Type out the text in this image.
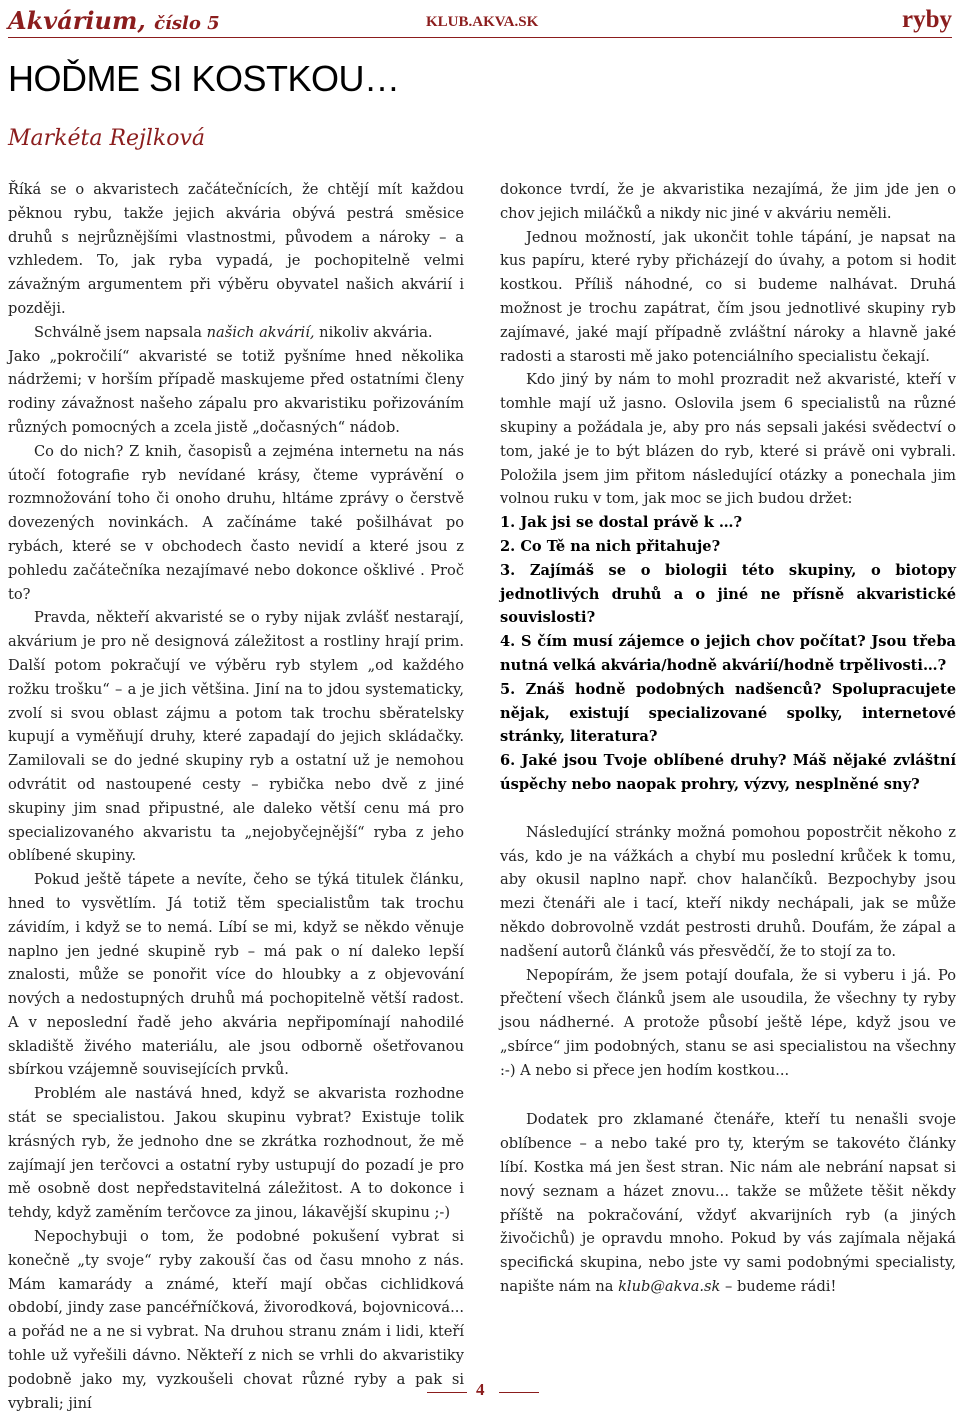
Akvárium, číslo 5	KLUB.AKVA.SK	ryby
HOĎME SI KOSTKOU…
Markéta Rejlková

Říká se o akvaristech začátečnících, že chtějí mít každou pěknou rybu, takže jejich akvária obývá pestrá směsice druhů s nejrůznějšími vlastnostmi, původem a nároky – a vzhledem. To, jak ryba vypadá, je pochopitelně velmi závažným argumentem při výběru obyvatel našich akvárií i později.

Schválně jsem napsala našich akvárií, nikoliv akvária.

Jako „pokročilí“ akvaristé se totiž pyšníme hned několika nádržemi; v horším případě maskujeme před ostatními členy rodiny závažnost našeho zápalu pro akvaristiku pořizováním různých pomocných a zcela jistě „dočasných“ nádob.

Co do nich? Z knih, časopisů a zejména internetu na nás útočí fotografie ryb nevídané krásy, čteme vyprávění o rozmnožování toho či onoho druhu, hltáme zprávy o čerstvě dovezených novinkách. A začínáme také pošilhávat po rybách, které se v obchodech často nevidí a které jsou z pohledu začátečníka nezajímavé nebo dokonce ošklivé . Proč to?

Pravda, někteří akvaristé se o ryby nijak zvlášť nestarají, akvárium je pro ně designová záležitost a rostliny hrají prim. Další potom pokračují ve výběru ryb stylem „od každého rožku trošku“ – a je jich většina. Jiní na to jdou systematicky, zvolí si svou oblast zájmu a potom tak trochu sběratelsky kupují a vyměňují druhy, které zapadají do jejich skládačky. Zamilovali se do jedné skupiny ryb a ostatní už je nemohou odvrátit od nastoupené cesty – rybička nebo dvě z jiné skupiny jim snad připustné, ale daleko větší cenu má pro specializovaného akvaristu ta „nejobyčejnější“ ryba z jeho oblíbené skupiny.

Pokud ještě tápete a nevíte, čeho se týká titulek článku, hned to vysvětlím. Já totiž těm specialistům tak trochu závidím, i když se to nemá. Líbí se mi, když se někdo věnuje naplno jen jedné skupině ryb – má pak o ní daleko lepší znalosti, může se ponořit více do hloubky a z objevování nových a nedostupných druhů má pochopitelně větší radost. A v neposlední řadě jeho akvária nepřipomínají nahodilé skladiště živého materiálu, ale jsou odborně ošetřovanou sbírkou vzájemně souvisejících prvků.

Problém ale nastává hned, když se akvarista rozhodne stát se specialistou. Jakou skupinu vybrat? Existuje tolik krásných ryb, že jednoho dne se zkrátka rozhodnout, že mě zajímají jen terčovci a ostatní ryby ustupují do pozadí je pro mě osobně dost nepředstavitelná záležitost. A to dokonce i tehdy, když zaměním terčovce za jinou, lákavější skupinu ;-)

Nepochybuji o tom, že podobné pokušení vybrat si konečně „ty svoje“ ryby zakouší čas od času mnoho z nás. Mám kamarády a známé, kteří mají občas cichlidková období, jindy zase pancéřníčková, živorodková, bojovnicová... a pořád ne a ne si vybrat. Na druhou stranu znám i lidi, kteří tohle už vyřešili dávno. Někteří z nich se vrhli do akvaristiky podobně jako my, vyzkoušeli chovat různé ryby a pak si vybrali; jiní

dokonce tvrdí, že je akvaristika nezajímá, že jim jde jen o chov jejich miláčků a nikdy nic jiné v akváriu neměli.

Jednou možností, jak ukončit tohle tápání, je napsat na kus papíru, které ryby přicházejí do úvahy, a potom si hodit kostkou. Příliš náhodné, co si budeme nalhávat. Druhá možnost je trochu zapátrat, čím jsou jednotlivé skupiny ryb zajímavé, jaké mají případně zvláštní nároky a hlavně jaké radosti a starosti mě jako potenciálního specialistu čekají.

Kdo jiný by nám to mohl prozradit než akvaristé, kteří v tomhle mají už jasno. Oslovila jsem 6 specialistů na různé skupiny a požádala je, aby pro nás sepsali jakési svědectví o tom, jaké je to být blázen do ryb, které si právě oni vybrali. Položila jsem jim přitom následující otázky a ponechala jim volnou ruku v tom, jak moc se jich budou držet:

1. Jak jsi se dostal právě k …?

2. Co Tě na nich přitahuje?

3. Zajímáš se o biologii této skupiny, o biotopy jednotlivých druhů a o jiné ne přísně akvaristické souvislosti?

4. S čím musí zájemce o jejich chov počítat? Jsou třeba nutná velká akvária/hodně akvárií/hodně trpělivosti…?

5. Znáš hodně podobných nadšenců? Spolupracujete nějak, existují specializované spolky, internetové stránky, literatura?

6. Jaké jsou Tvoje oblíbené druhy? Máš nějaké zvláštní úspěchy nebo naopak prohry, výzvy, nesplněné sny?

Následující stránky možná pomohou popostrčit někoho z vás, kdo je na vážkách a chybí mu poslední krůček k tomu, aby okusil naplno např. chov halančíků. Bezpochyby jsou mezi čtenáři ale i tací, kteří nikdy nechápali, jak se může někdo dobrovolně vzdát pestrosti druhů. Doufám, že zápal a nadšení autorů článků vás přesvědčí, že to stojí za to.

Nepopírám, že jsem potají doufala, že si vyberu i já. Po přečtení všech článků jsem ale usoudila, že všechny ty ryby jsou nádherné. A protože působí ještě lépe, když jsou ve „sbírce“ jim podobných, stanu se asi specialistou na všechny :-) A nebo si přece jen hodím kostkou...

Dodatek pro zklamané čtenáře, kteří tu nenašli svoje oblíbence – a nebo také pro ty, kterým se takovéto články líbí. Kostka má jen šest stran. Nic nám ale nebrání napsat si nový seznam a házet znovu... takže se můžete těšit někdy příště na pokračování, vždyť akvarijních ryb (a jiných živočichů) je opravdu mnoho. Pokud by vás zajímala nějaká specifická skupina, nebo jste vy sami podobnými specialisty, napište nám na klub@akva.sk – budeme rádi!

4
